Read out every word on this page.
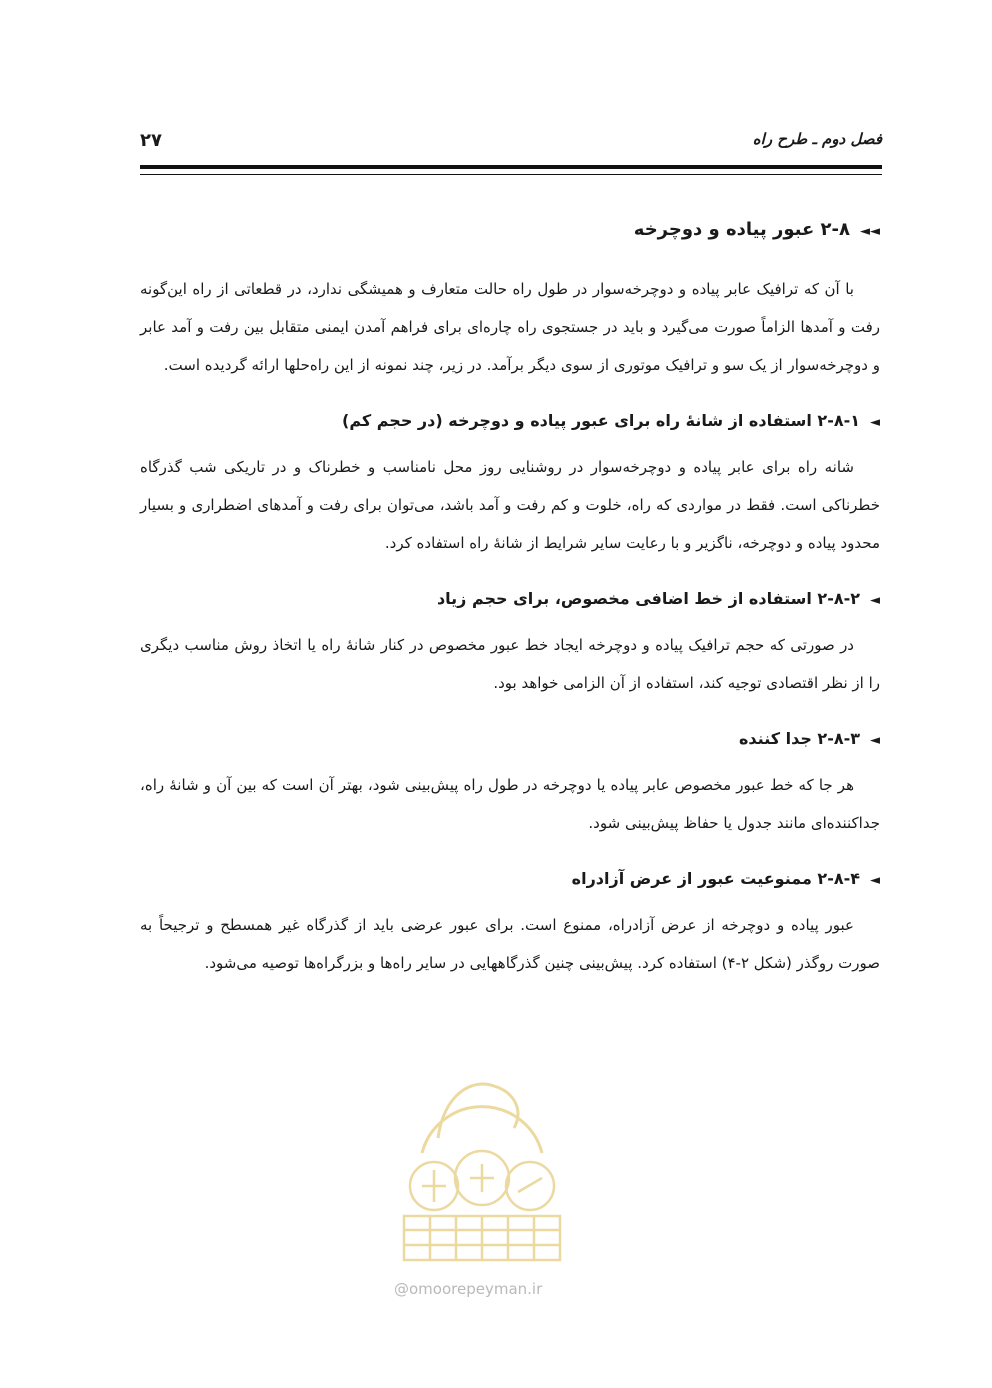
فصل دوم ـ طرح راه
۲۷
◄◄۲-۸ عبور پیاده و دوچرخه

با آن که ترافیک عابر پیاده و دوچرخه‌سوار در طول راه حالت متعارف و همیشگی ندارد، در قطعاتی از راه این‌گونه رفت و آمدها الزاماً صورت می‌گیرد و باید در جستجوی راه چاره‌ای برای فراهم آمدن ایمنی متقابل بین رفت و آمد عابر و دوچرخه‌سوار از یک سو و ترافیک موتوری از سوی دیگر برآمد. در زیر، چند نمونه از این راه‌حلها ارائه گردیده است.

◄۲-۸-۱ استفاده از شانهٔ راه برای عبور پیاده و دوچرخه (در حجم کم)

شانه راه برای عابر پیاده و دوچرخه‌سوار در روشنایی روز محل نامناسب و خطرناک و در تاریکی شب گذرگاه خطرناکی است. فقط در مواردی که راه، خلوت و کم رفت و آمد باشد، می‌توان برای رفت و آمدهای اضطراری و بسیار محدود پیاده و دوچرخه، ناگزیر و با رعایت سایر شرایط از شانهٔ راه استفاده کرد.

◄۲-۸-۲ استفاده از خط اضافی مخصوص، برای حجم زیاد

در صورتی که حجم ترافیک پیاده و دوچرخه ایجاد خط عبور مخصوص در کنار شانهٔ راه یا اتخاذ روش مناسب دیگری را از نظر اقتصادی توجیه کند، استفاده از آن الزامی خواهد بود.

◄۲-۸-۳ جدا کننده

هر جا که خط عبور مخصوص عابر پیاده یا دوچرخه در طول راه پیش‌بینی شود، بهتر آن است که بین آن و شانهٔ راه، جداکننده‌ای مانند جدول یا حفاظ پیش‌بینی شود.

◄۲-۸-۴ ممنوعیت عبور از عرض آزادراه

عبور پیاده و دوچرخه از عرض آزادراه، ممنوع است. برای عبور عرضی باید از گذرگاه غیر همسطح و ترجیحاً به صورت روگذر (شکل ۲-۴) استفاده کرد. پیش‌بینی چنین گذرگاههایی در سایر راه‌ها و بزرگراه‌ها توصیه می‌شود.

@omoorepeyman.ir
